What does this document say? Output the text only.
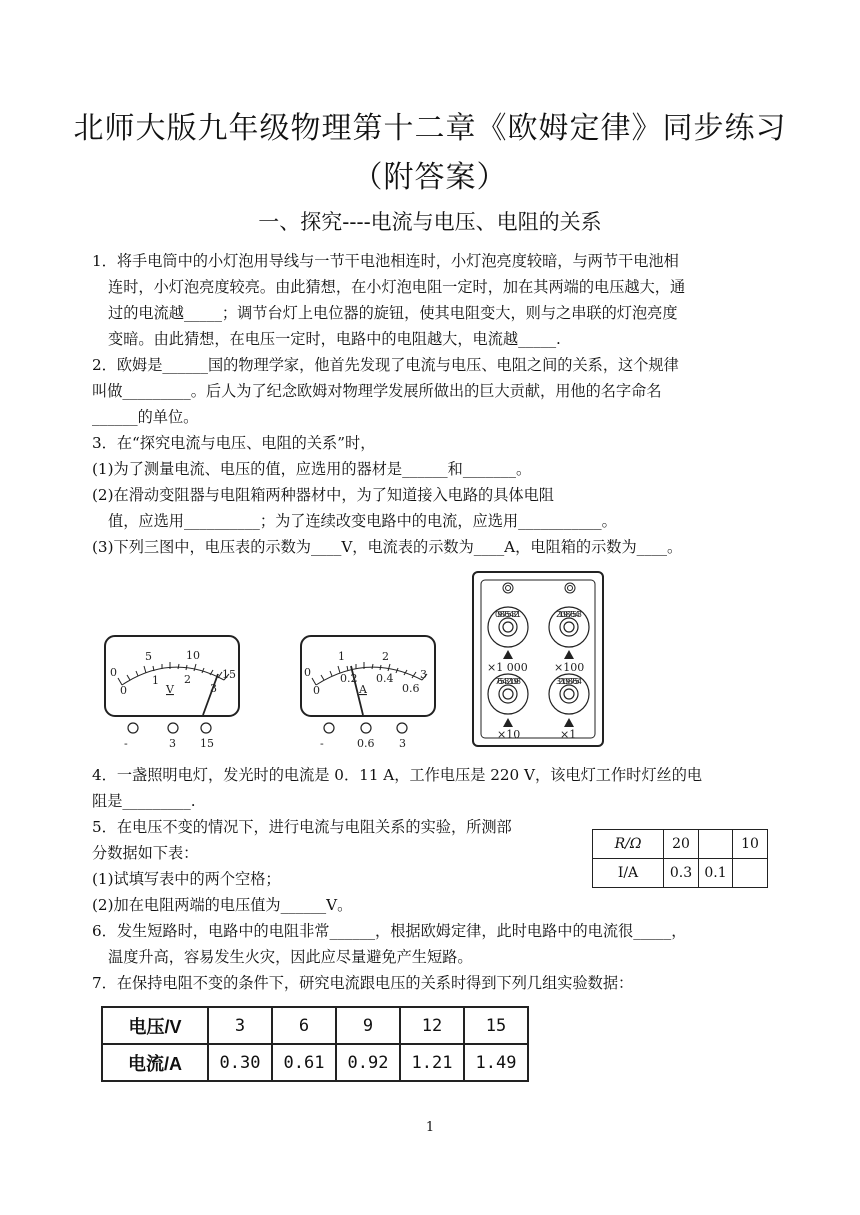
北师大版九年级物理第十二章《欧姆定律》同步练习
（附答案）
一、探究----电流与电压、电阻的关系
1．将手电筒中的小灯泡用导线与一节干电池相连时，小灯泡亮度较暗，与两节干电池相
连时，小灯泡亮度较亮。由此猜想，在小灯泡电阻一定时，加在其两端的电压越大，通
过的电流越_____；调节台灯上电位器的旋钮，使其电阻变大，则与之串联的灯泡亮度
变暗。由此猜想，在电压一定时，电路中的电阻越大，电流越_____.
2．欧姆是______国的物理学家，他首先发现了电流与电压、电阻之间的关系，这个规律
叫做_________。后人为了纪念欧姆对物理学发展所做出的巨大贡献，用他的名字命名
______的单位。
3．在“探究电流与电压、电阻的关系”时，
(1)为了测量电流、电压的值，应选用的器材是______和_______。
(2)在滑动变阻器与电阻箱两种器材中，为了知道接入电路的具体电阻
值，应选用__________；为了连续改变电路中的电流，应选用___________。
(3)下列三图中，电压表的示数为____V，电流表的示数为____A，电阻箱的示数为____。
0
5	10
15
0
1 2
3
V
-	3 15
0
1	2
3
0
0.2 0.4
0.6
A
-	0.6 3
0 9 8 7 6 5 4 3 2 1	2 1 0 9 8 7 6 5 4 3
7 6 5 4 3 2 1 0 9 8	3 2 1 0 9 8 7 6 5 4
×1 000 ×100
×10	×1
4．一盏照明电灯，发光时的电流是 0．11 A，工作电压是 220 V，该电灯工作时灯丝的电
阻是_________.
5．在电压不变的情况下，进行电流与电阻关系的实验，所测部
分数据如下表：
(1)试填写表中的两个空格；
(2)加在电阻两端的电压值为______V。
R/Ω	20		10
I/A	0.3	0.1	
6．发生短路时，电路中的电阻非常______，根据欧姆定律，此时电路中的电流很_____，
温度升高，容易发生火灾，因此应尽量避免产生短路。
7．在保持电阻不变的条件下，研究电流跟电压的关系时得到下列几组实验数据：
电压/V	3	6	9	12	15
电流/A	0.30	0.61	0.92	1.21	1.49
1
